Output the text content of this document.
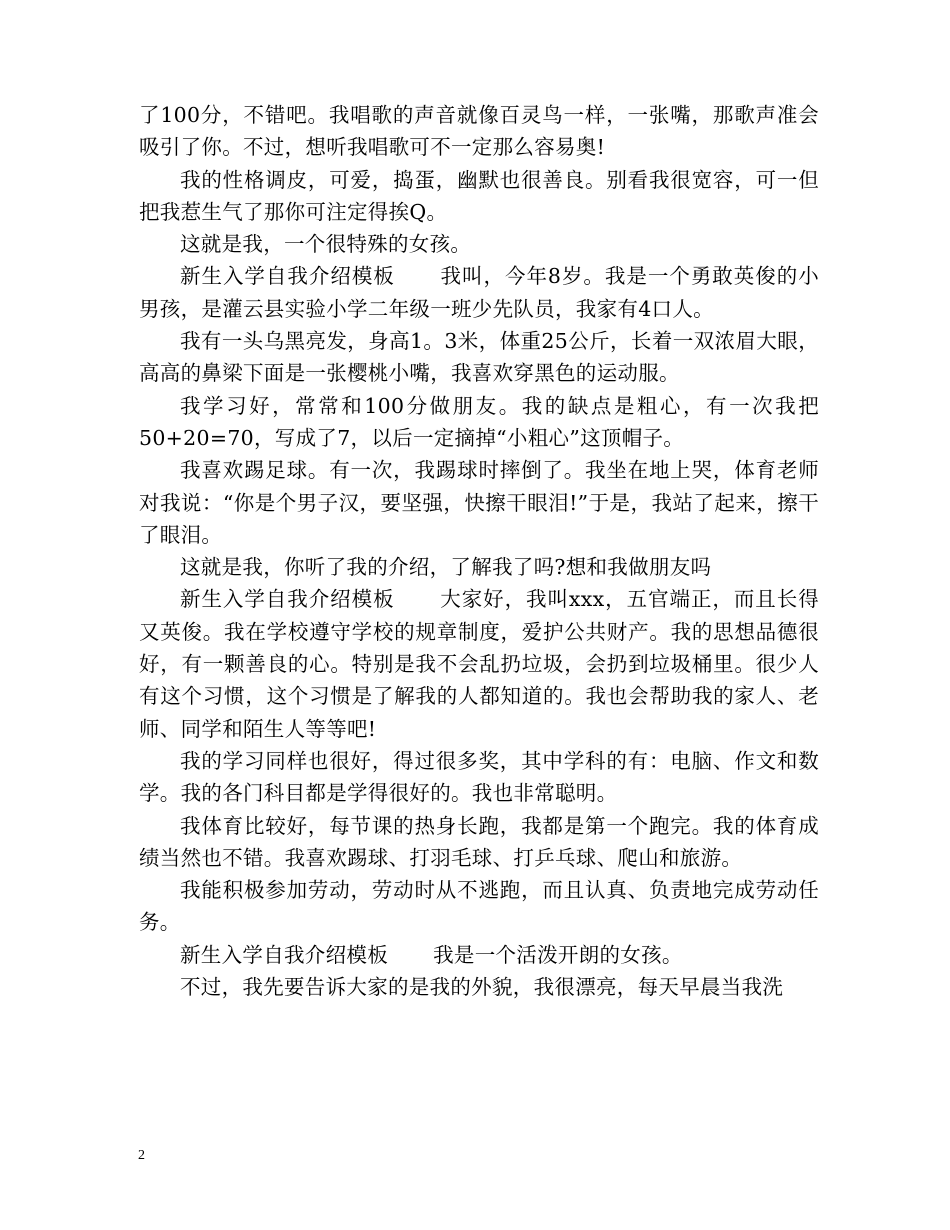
了100分，不错吧。我唱歌的声音就像百灵鸟一样，一张嘴，那歌声准会吸引了你。不过，想听我唱歌可不一定那么容易奥!

我的性格调皮，可爱，捣蛋，幽默也很善良。别看我很宽容，可一但把我惹生气了那你可注定得挨Q。

这就是我，一个很特殊的女孩。

新生入学自我介绍模板 我叫，今年8岁。我是一个勇敢英俊的小男孩，是灌云县实验小学二年级一班少先队员，我家有4口人。

我有一头乌黑亮发，身高1。3米，体重25公斤，长着一双浓眉大眼，高高的鼻梁下面是一张樱桃小嘴，我喜欢穿黑色的运动服。

我学习好，常常和100分做朋友。我的缺点是粗心，有一次我把50+20=70，写成了7，以后一定摘掉“小粗心”这顶帽子。

我喜欢踢足球。有一次，我踢球时摔倒了。我坐在地上哭，体育老师对我说：“你是个男子汉，要坚强，快擦干眼泪!”于是，我站了起来，擦干了眼泪。

这就是我，你听了我的介绍，了解我了吗?想和我做朋友吗

新生入学自我介绍模板 大家好，我叫xxx，五官端正，而且长得又英俊。我在学校遵守学校的规章制度，爱护公共财产。我的思想品德很好，有一颗善良的心。特别是我不会乱扔垃圾，会扔到垃圾桶里。很少人有这个习惯，这个习惯是了解我的人都知道的。我也会帮助我的家人、老师、同学和陌生人等等吧!

我的学习同样也很好，得过很多奖，其中学科的有：电脑、作文和数学。我的各门科目都是学得很好的。我也非常聪明。

我体育比较好，每节课的热身长跑，我都是第一个跑完。我的体育成绩当然也不错。我喜欢踢球、打羽毛球、打乒乓球、爬山和旅游。

我能积极参加劳动，劳动时从不逃跑，而且认真、负责地完成劳动任务。

新生入学自我介绍模板 我是一个活泼开朗的女孩。

不过，我先要告诉大家的是我的外貌，我很漂亮，每天早晨当我洗

2
